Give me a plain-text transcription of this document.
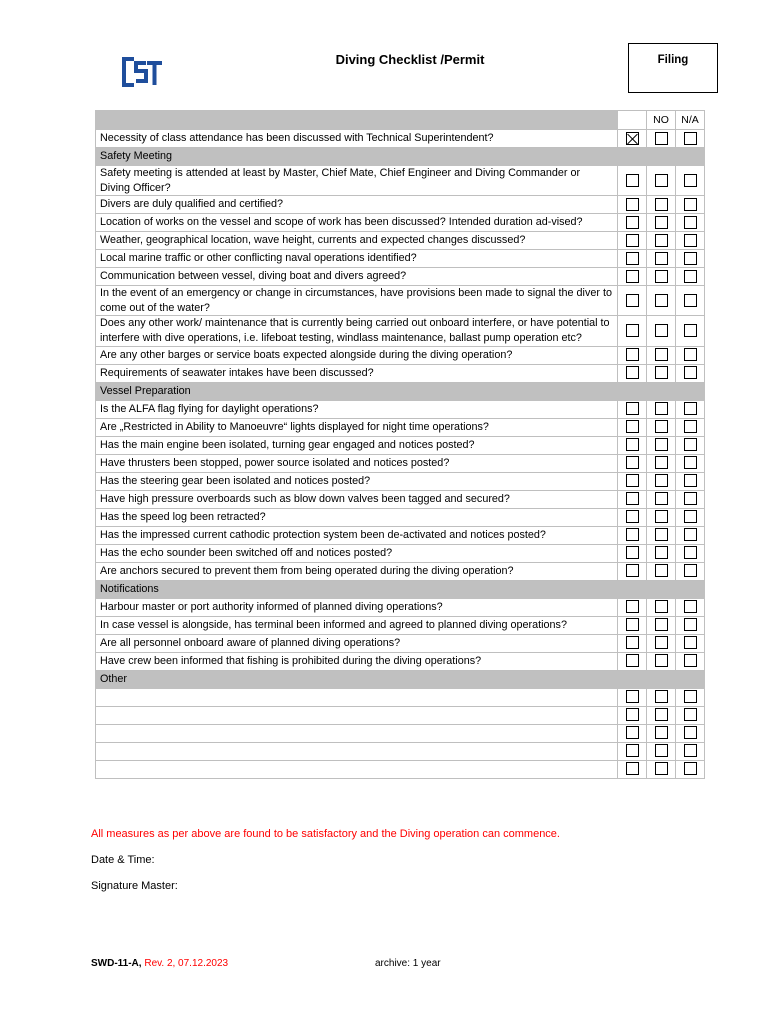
Diving Checklist /Permit	Filing
		NO	N/A
Necessity of class attendance has been discussed with Technical Superintendent?			
Safety Meeting			
Safety meeting is attended at least by Master, Chief Mate, Chief Engineer and Diving Commander or Diving Officer?			
Divers are duly qualified and certified?			
Location of works on the vessel and scope of work has been discussed? Intended duration ad-vised?			
Weather, geographical location, wave height, currents and expected changes discussed?			
Local marine traffic or other conflicting naval operations identified?			
Communication between vessel, diving boat and divers agreed?			
In the event of an emergency or change in circumstances, have provisions been made to signal the diver to come out of the water?			
Does any other work/ maintenance that is currently being carried out onboard interfere, or have potential to interfere with dive operations, i.e. lifeboat testing, windlass maintenance, ballast pump operation etc?			
Are any other barges or service boats expected alongside during the diving operation?			
Requirements of seawater intakes have been discussed?			
Vessel Preparation			
Is the ALFA flag flying for daylight operations?			
Are „Restricted in Ability to Manoeuvre“ lights displayed for night time operations?			
Has the main engine been isolated, turning gear engaged and notices posted?			
Have thrusters been stopped, power source isolated and notices posted?			
Has the steering gear been isolated and notices posted?			
Have high pressure overboards such as blow down valves been tagged and secured?			
Has the speed log been retracted?			
Has the impressed current cathodic protection system been de-activated and notices posted?			
Has the echo sounder been switched off and notices posted?			
Are anchors secured to prevent them from being operated during the diving operation?			
Notifications			
Harbour master or port authority informed of planned diving operations?			
In case vessel is alongside, has terminal been informed and agreed to planned diving operations?			
Are all personnel onboard aware of planned diving operations?			
Have crew been informed that fishing is prohibited during the diving operations?			
Other			

All measures as per above are found to be satisfactory and the Diving operation can commence.
Date & Time:
Signature Master:
SWD-11-A, Rev. 2, 07.12.2023	archive: 1 year
